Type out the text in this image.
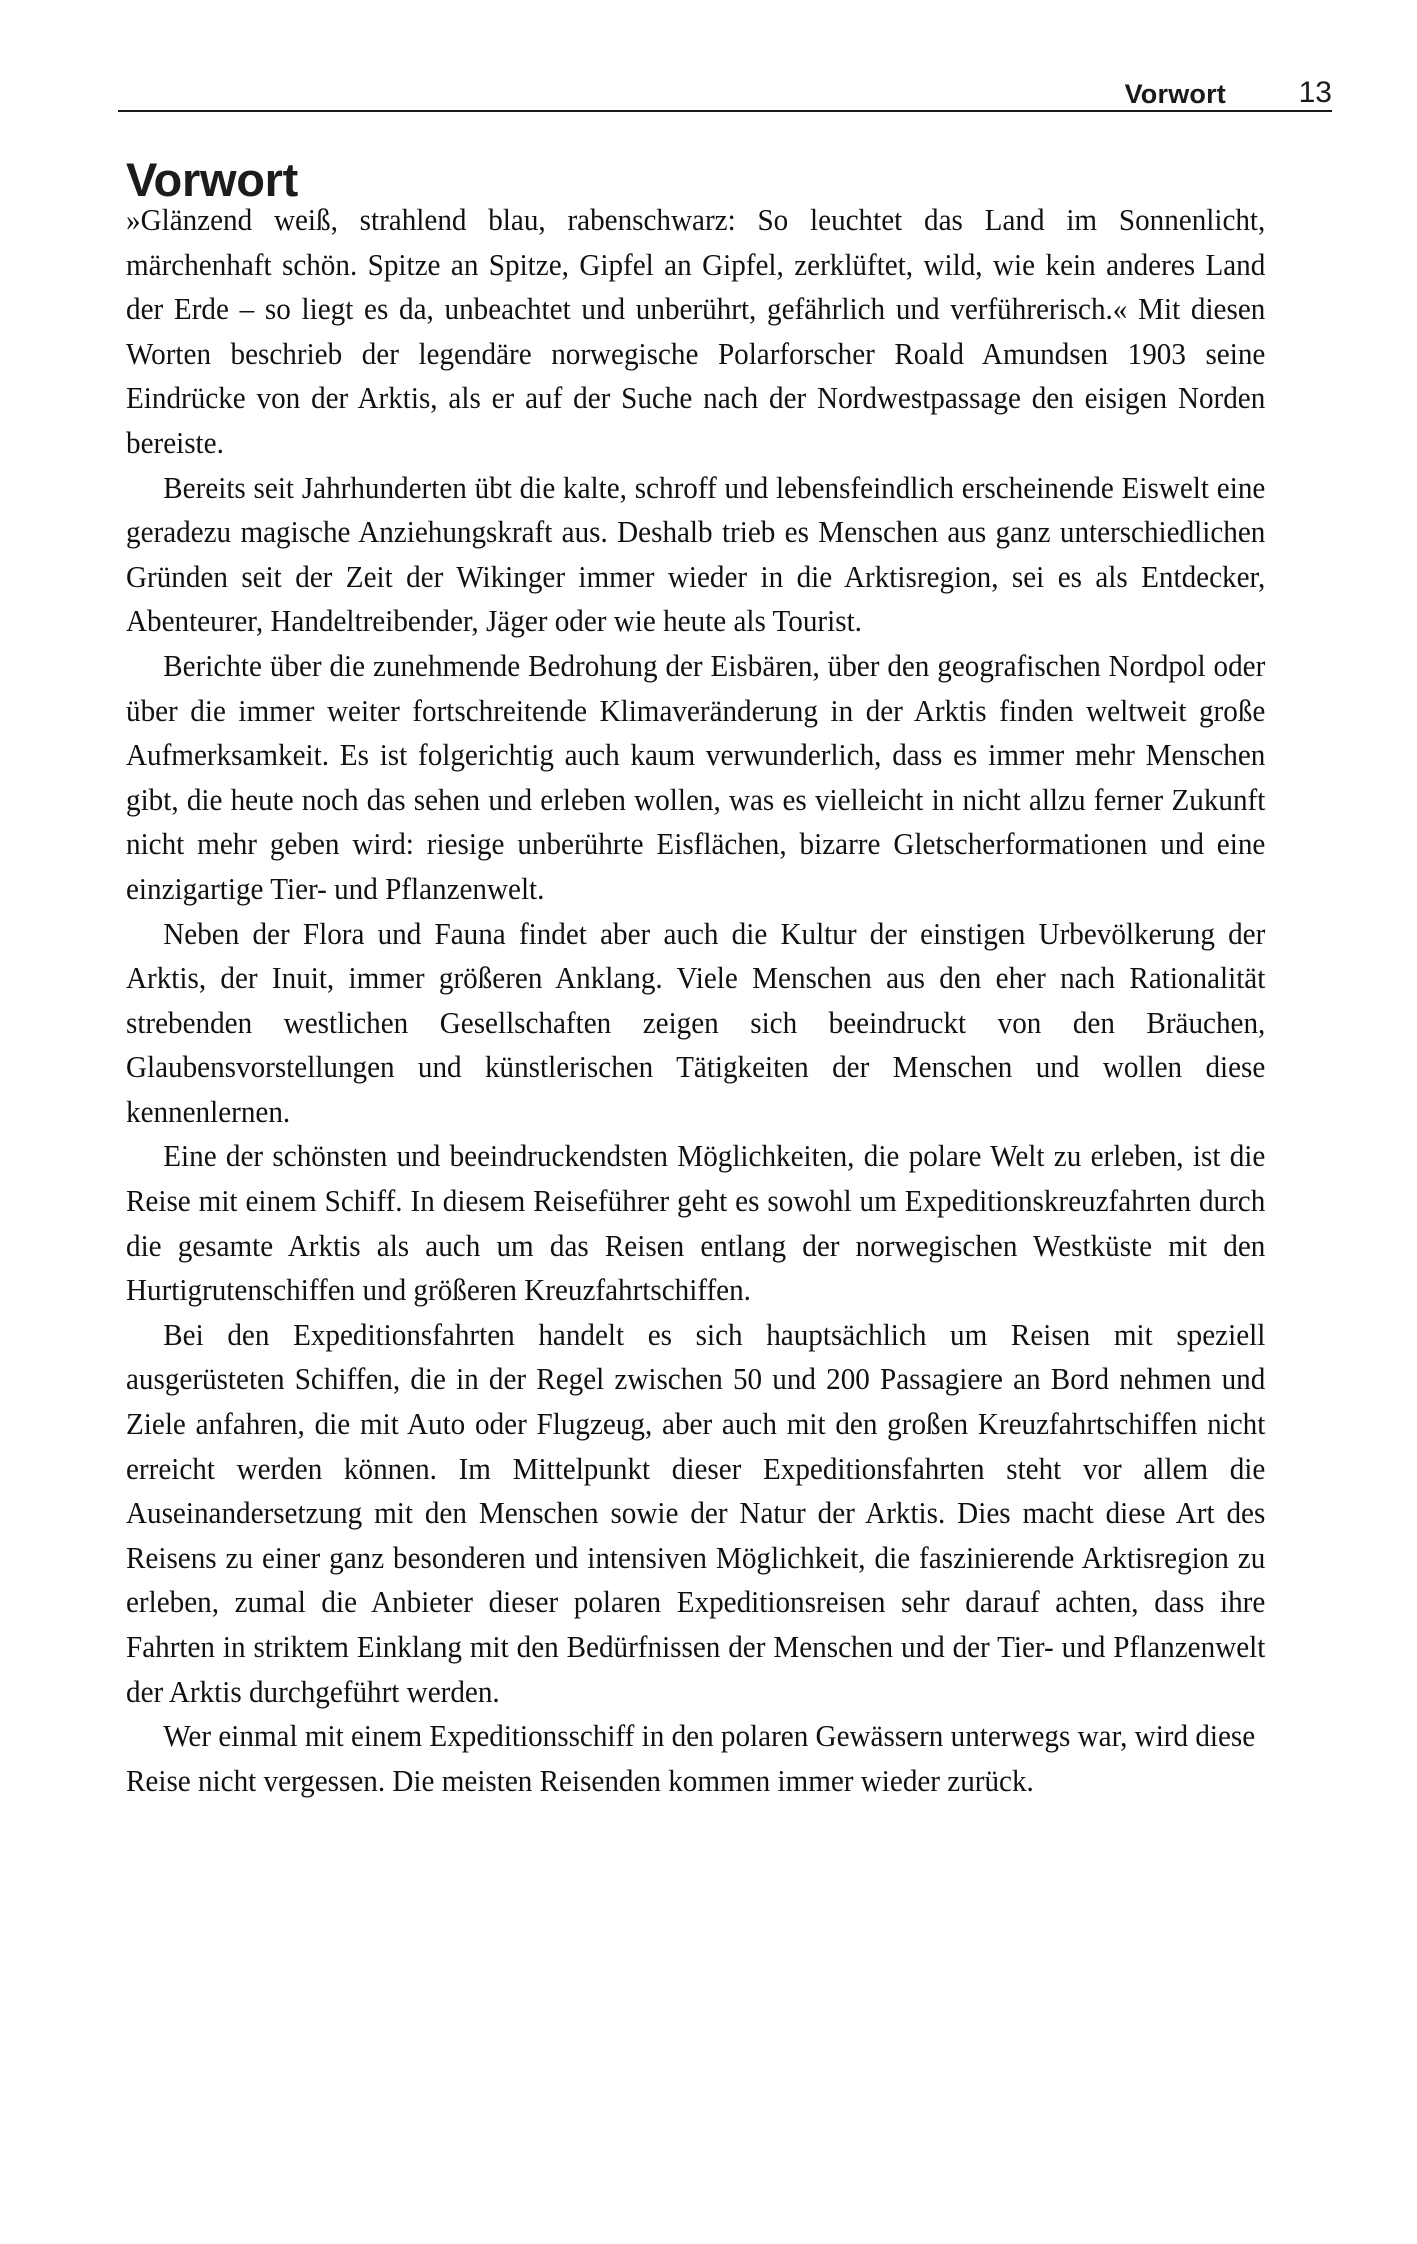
Vorwort	13
Vorwort

»Glänzend weiß, strahlend blau, rabenschwarz: So leuchtet das Land im Sonnenlicht, märchenhaft schön. Spitze an Spitze, Gipfel an Gipfel, zerklüftet, wild, wie kein anderes Land der Erde – so liegt es da, unbeachtet und unberührt, gefährlich und verführerisch.« Mit diesen Worten beschrieb der legendäre norwegische Polarforscher Roald Amundsen 1903 seine Eindrücke von der Arktis, als er auf der Suche nach der Nordwestpassage den eisigen Norden bereiste.

Bereits seit Jahrhunderten übt die kalte, schroff und lebensfeindlich erscheinende Eiswelt eine geradezu magische Anziehungskraft aus. Deshalb trieb es Menschen aus ganz unterschiedlichen Gründen seit der Zeit der Wikinger immer wieder in die Arktisregion, sei es als Entdecker, Abenteurer, Handeltreibender, Jäger oder wie heute als Tourist.

Berichte über die zunehmende Bedrohung der Eisbären, über den geografischen Nordpol oder über die immer weiter fortschreitende Klimaveränderung in der Arktis finden weltweit große Aufmerksamkeit. Es ist folgerichtig auch kaum verwunderlich, dass es immer mehr Menschen gibt, die heute noch das sehen und erleben wollen, was es vielleicht in nicht allzu ferner Zukunft nicht mehr geben wird: riesige unberührte Eisflächen, bizarre Gletscherformationen und eine einzigartige Tier- und Pflanzenwelt.

Neben der Flora und Fauna findet aber auch die Kultur der einstigen Urbevölkerung der Arktis, der Inuit, immer größeren Anklang. Viele Menschen aus den eher nach Rationalität strebenden westlichen Gesellschaften zeigen sich beeindruckt von den Bräuchen, Glaubensvorstellungen und künstlerischen Tätigkeiten der Menschen und wollen diese kennenlernen.

Eine der schönsten und beeindruckendsten Möglichkeiten, die polare Welt zu erleben, ist die Reise mit einem Schiff. In diesem Reiseführer geht es sowohl um Expeditionskreuzfahrten durch die gesamte Arktis als auch um das Reisen entlang der norwegischen Westküste mit den Hurtigrutenschiffen und größeren Kreuzfahrtschiffen.

Bei den Expeditionsfahrten handelt es sich hauptsächlich um Reisen mit speziell ausgerüsteten Schiffen, die in der Regel zwischen 50 und 200 Passagiere an Bord nehmen und Ziele anfahren, die mit Auto oder Flugzeug, aber auch mit den großen Kreuzfahrtschiffen nicht erreicht werden können. Im Mittelpunkt dieser Expeditionsfahrten steht vor allem die Auseinandersetzung mit den Menschen sowie der Natur der Arktis. Dies macht diese Art des Reisens zu einer ganz besonderen und intensiven Möglichkeit, die faszinierende Arktisregion zu erleben, zumal die Anbieter dieser polaren Expeditionsreisen sehr darauf achten, dass ihre Fahrten in striktem Einklang mit den Bedürfnissen der Menschen und der Tier- und Pflanzenwelt der Arktis durchgeführt werden.

Wer einmal mit einem Expeditionsschiff in den polaren Gewässern unterwegs war, wird diese Reise nicht vergessen. Die meisten Reisenden kommen immer wieder zurück.
